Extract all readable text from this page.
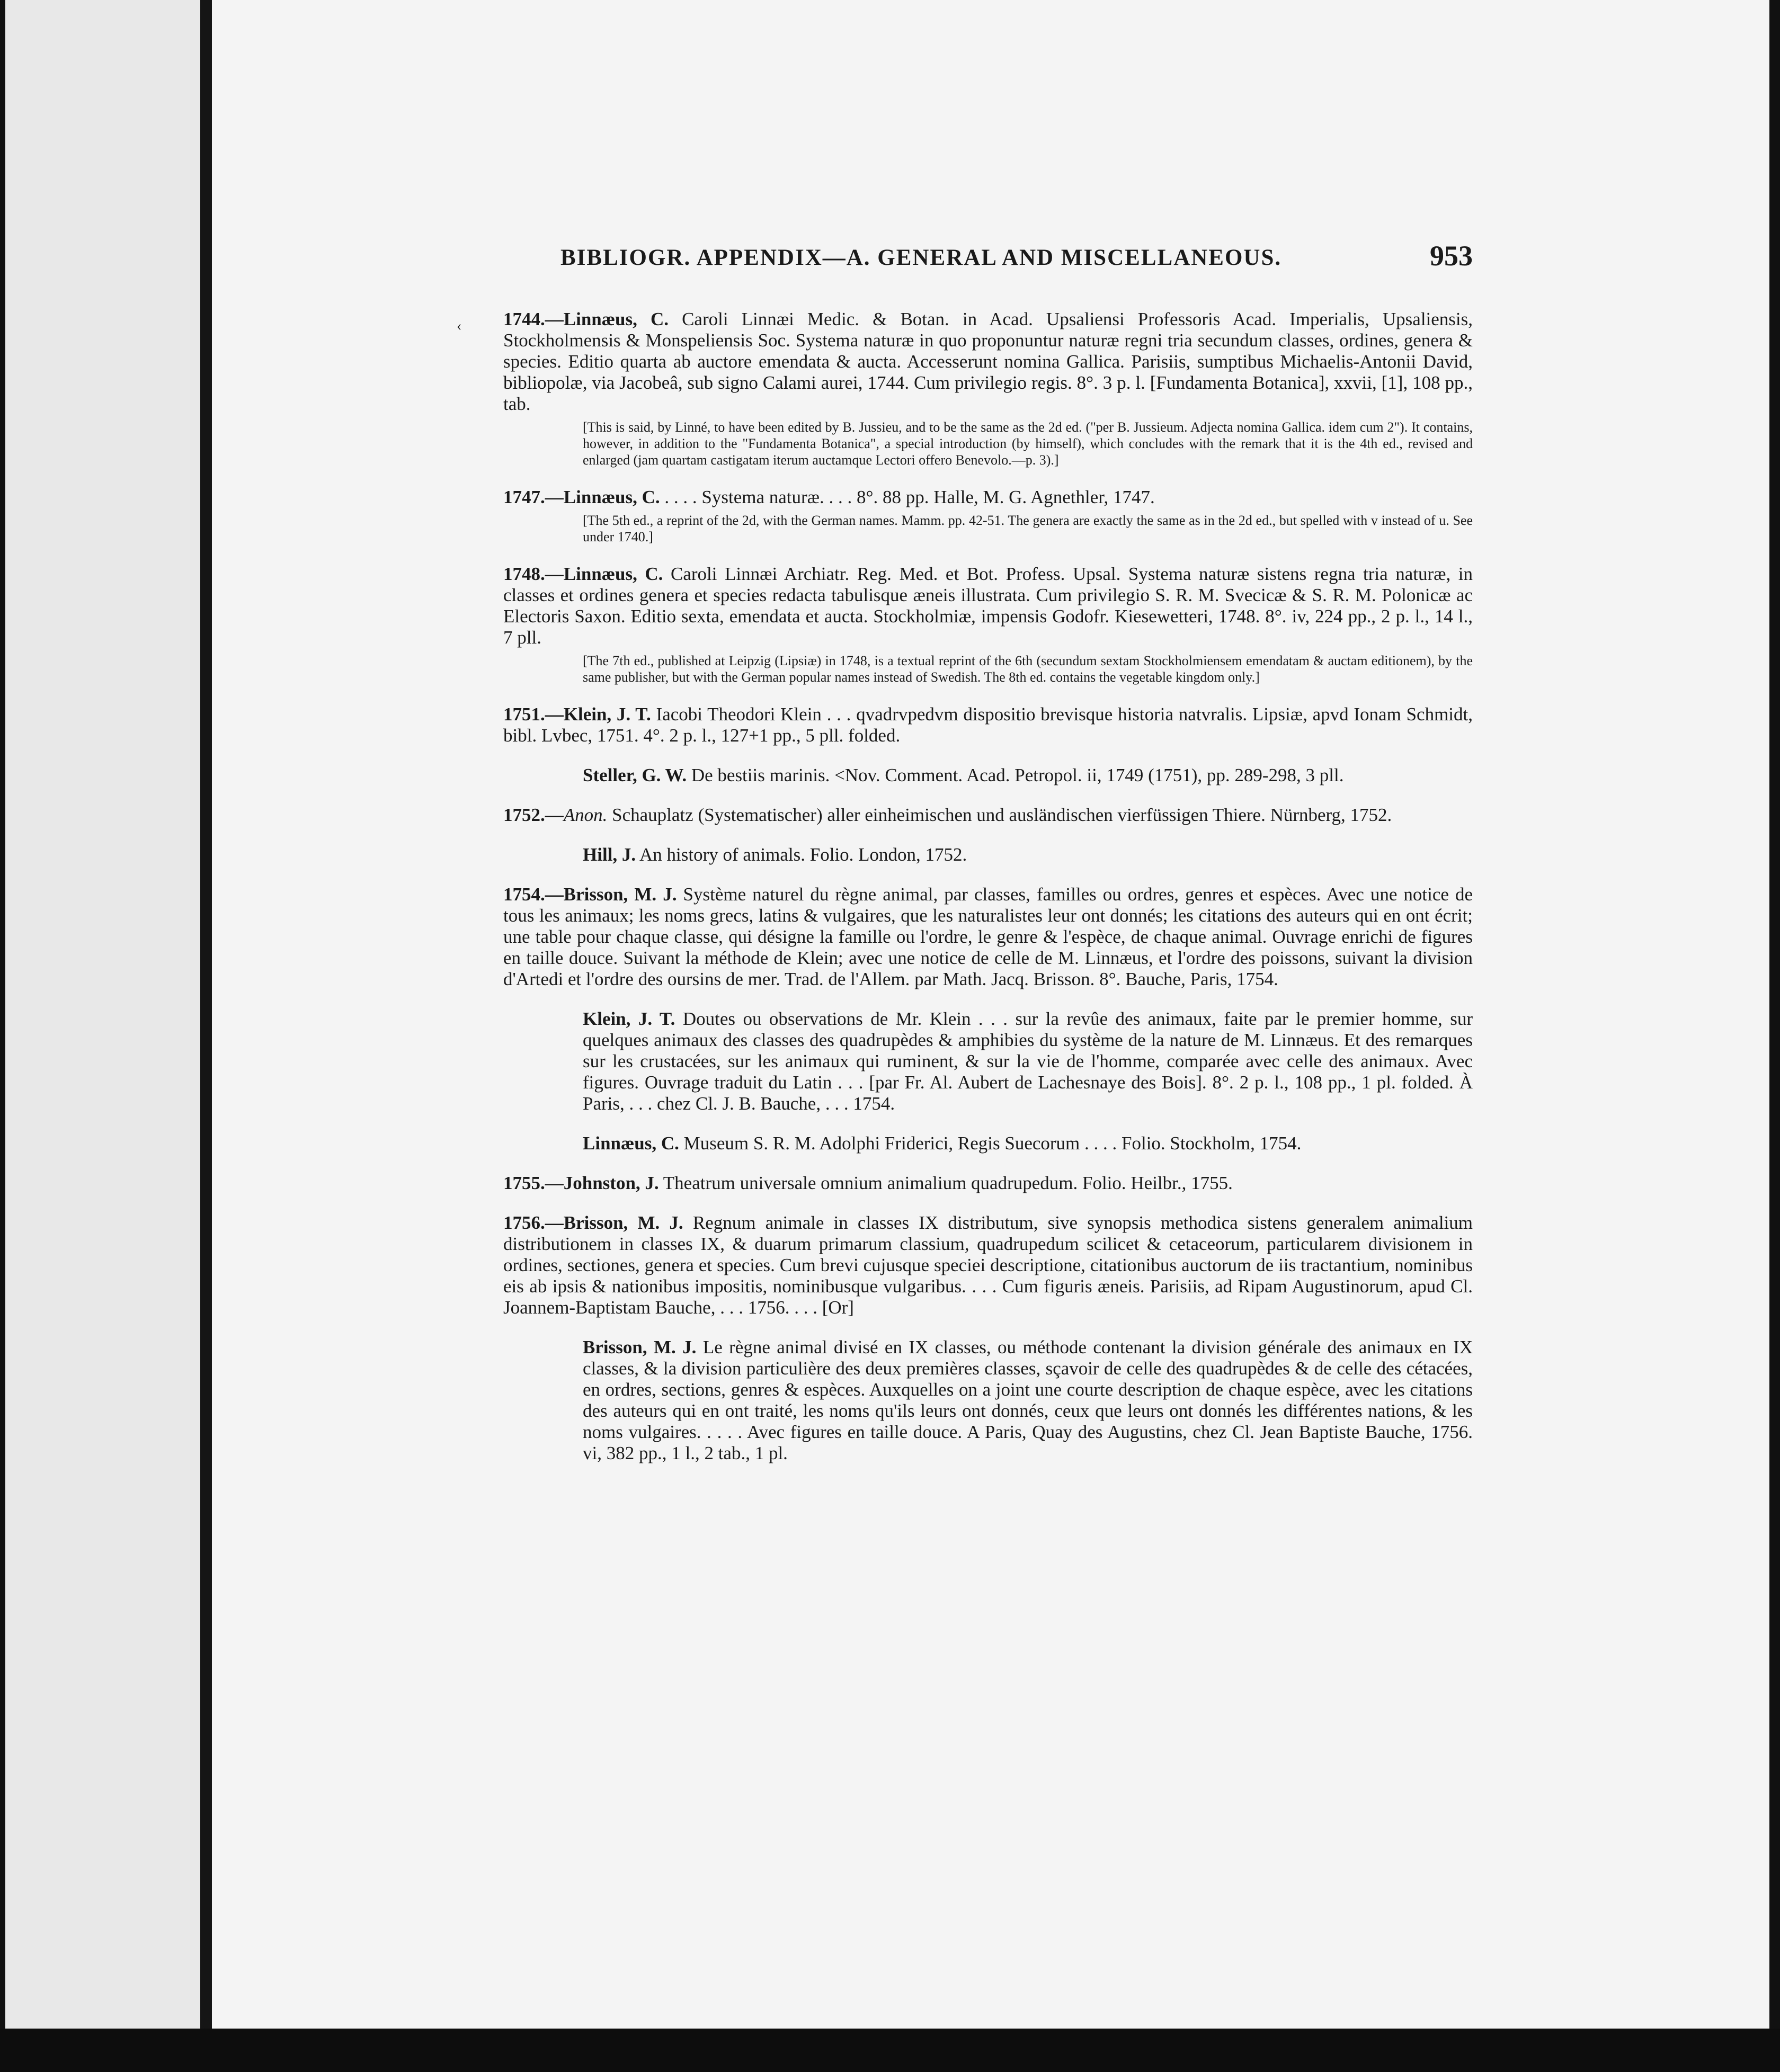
BIBLIOGR. APPENDIX—A. GENERAL AND MISCELLANEOUS.	953
‹ 1744.—Linnæus, C. Caroli Linnæi Medic. & Botan. in Acad. Upsaliensi Professoris Acad. Imperialis, Upsaliensis, Stockholmensis & Monspeliensis Soc. Systema naturæ in quo proponuntur naturæ regni tria secundum classes, ordines, genera & species. Editio quarta ab auctore emendata & aucta. Accesserunt nomina Gallica. Parisiis, sumptibus Michaelis-Antonii David, bibliopolæ, via Jacobeâ, sub signo Calami aurei, 1744. Cum privilegio regis. 8°. 3 p. l. [Fundamenta Botanica], xxvii, [1], 108 pp., tab.
[This is said, by Linné, to have been edited by B. Jussieu, and to be the same as the 2d ed. ("per B. Jussieum. Adjecta nomina Gallica. idem cum 2"). It contains, however, in addition to the "Fundamenta Botanica", a special introduction (by himself), which concludes with the remark that it is the 4th ed., revised and enlarged (jam quartam castigatam iterum auctamque Lectori offero Benevolo.—p. 3).]

1747.—Linnæus, C. . . . . Systema naturæ. . . . 8°. 88 pp. Halle, M. G. Agnethler, 1747.
[The 5th ed., a reprint of the 2d, with the German names. Mamm. pp. 42-51. The genera are exactly the same as in the 2d ed., but spelled with v instead of u. See under 1740.]

1748.—Linnæus, C. Caroli Linnæi Archiatr. Reg. Med. et Bot. Profess. Upsal. Systema naturæ sistens regna tria naturæ, in classes et ordines genera et species redacta tabulisque æneis illustrata. Cum privilegio S. R. M. Svecicæ & S. R. M. Polonicæ ac Electoris Saxon. Editio sexta, emendata et aucta. Stockholmiæ, impensis Godofr. Kiesewetteri, 1748. 8°. iv, 224 pp., 2 p. l., 14 l., 7 pll.
[The 7th ed., published at Leipzig (Lipsiæ) in 1748, is a textual reprint of the 6th (secundum sextam Stockholmiensem emendatam & auctam editionem), by the same publisher, but with the German popular names instead of Swedish. The 8th ed. contains the vegetable kingdom only.]

1751.—Klein, J. T. Iacobi Theodori Klein . . . qvadrvpedvm dispositio brevisque historia natvralis. Lipsiæ, apvd Ionam Schmidt, bibl. Lvbec, 1751. 4°. 2 p. l., 127+1 pp., 5 pll. folded.

Steller, G. W. De bestiis marinis. <Nov. Comment. Acad. Petropol. ii, 1749 (1751), pp. 289-298, 3 pll.

1752.—Anon. Schauplatz (Systematischer) aller einheimischen und ausländischen vierfüssigen Thiere. Nürnberg, 1752.

Hill, J. An history of animals. Folio. London, 1752.

1754.—Brisson, M. J. Système naturel du règne animal, par classes, familles ou ordres, genres et espèces. Avec une notice de tous les animaux; les noms grecs, latins & vulgaires, que les naturalistes leur ont donnés; les citations des auteurs qui en ont écrit; une table pour chaque classe, qui désigne la famille ou l'ordre, le genre & l'espèce, de chaque animal. Ouvrage enrichi de figures en taille douce. Suivant la méthode de Klein; avec une notice de celle de M. Linnæus, et l'ordre des poissons, suivant la division d'Artedi et l'ordre des oursins de mer. Trad. de l'Allem. par Math. Jacq. Brisson. 8°. Bauche, Paris, 1754.

Klein, J. T. Doutes ou observations de Mr. Klein . . . sur la revûe des animaux, faite par le premier homme, sur quelques animaux des classes des quadrupèdes & amphibies du système de la nature de M. Linnæus. Et des remarques sur les crustacées, sur les animaux qui ruminent, & sur la vie de l'homme, comparée avec celle des animaux. Avec figures. Ouvrage traduit du Latin . . . [par Fr. Al. Aubert de Lachesnaye des Bois]. 8°. 2 p. l., 108 pp., 1 pl. folded. À Paris, . . . chez Cl. J. B. Bauche, . . . 1754.

Linnæus, C. Museum S. R. M. Adolphi Friderici, Regis Suecorum . . . . Folio. Stockholm, 1754.

1755.—Johnston, J. Theatrum universale omnium animalium quadrupedum. Folio. Heilbr., 1755.

1756.—Brisson, M. J. Regnum animale in classes IX distributum, sive synopsis methodica sistens generalem animalium distributionem in classes IX, & duarum primarum classium, quadrupedum scilicet & cetaceorum, particularem divisionem in ordines, sectiones, genera et species. Cum brevi cujusque speciei descriptione, citationibus auctorum de iis tractantium, nominibus eis ab ipsis & nationibus impositis, nominibusque vulgaribus. . . . Cum figuris æneis. Parisiis, ad Ripam Augustinorum, apud Cl. Joannem-Baptistam Bauche, . . . 1756. . . . [Or]

Brisson, M. J. Le règne animal divisé en IX classes, ou méthode contenant la division générale des animaux en IX classes, & la division particulière des deux premières classes, sçavoir de celle des quadrupèdes & de celle des cétacées, en ordres, sections, genres & espèces. Auxquelles on a joint une courte description de chaque espèce, avec les citations des auteurs qui en ont traité, les noms qu'ils leurs ont donnés, ceux que leurs ont donnés les différentes nations, & les noms vulgaires. . . . . Avec figures en taille douce. A Paris, Quay des Augustins, chez Cl. Jean Baptiste Bauche, 1756. vi, 382 pp., 1 l., 2 tab., 1 pl.
